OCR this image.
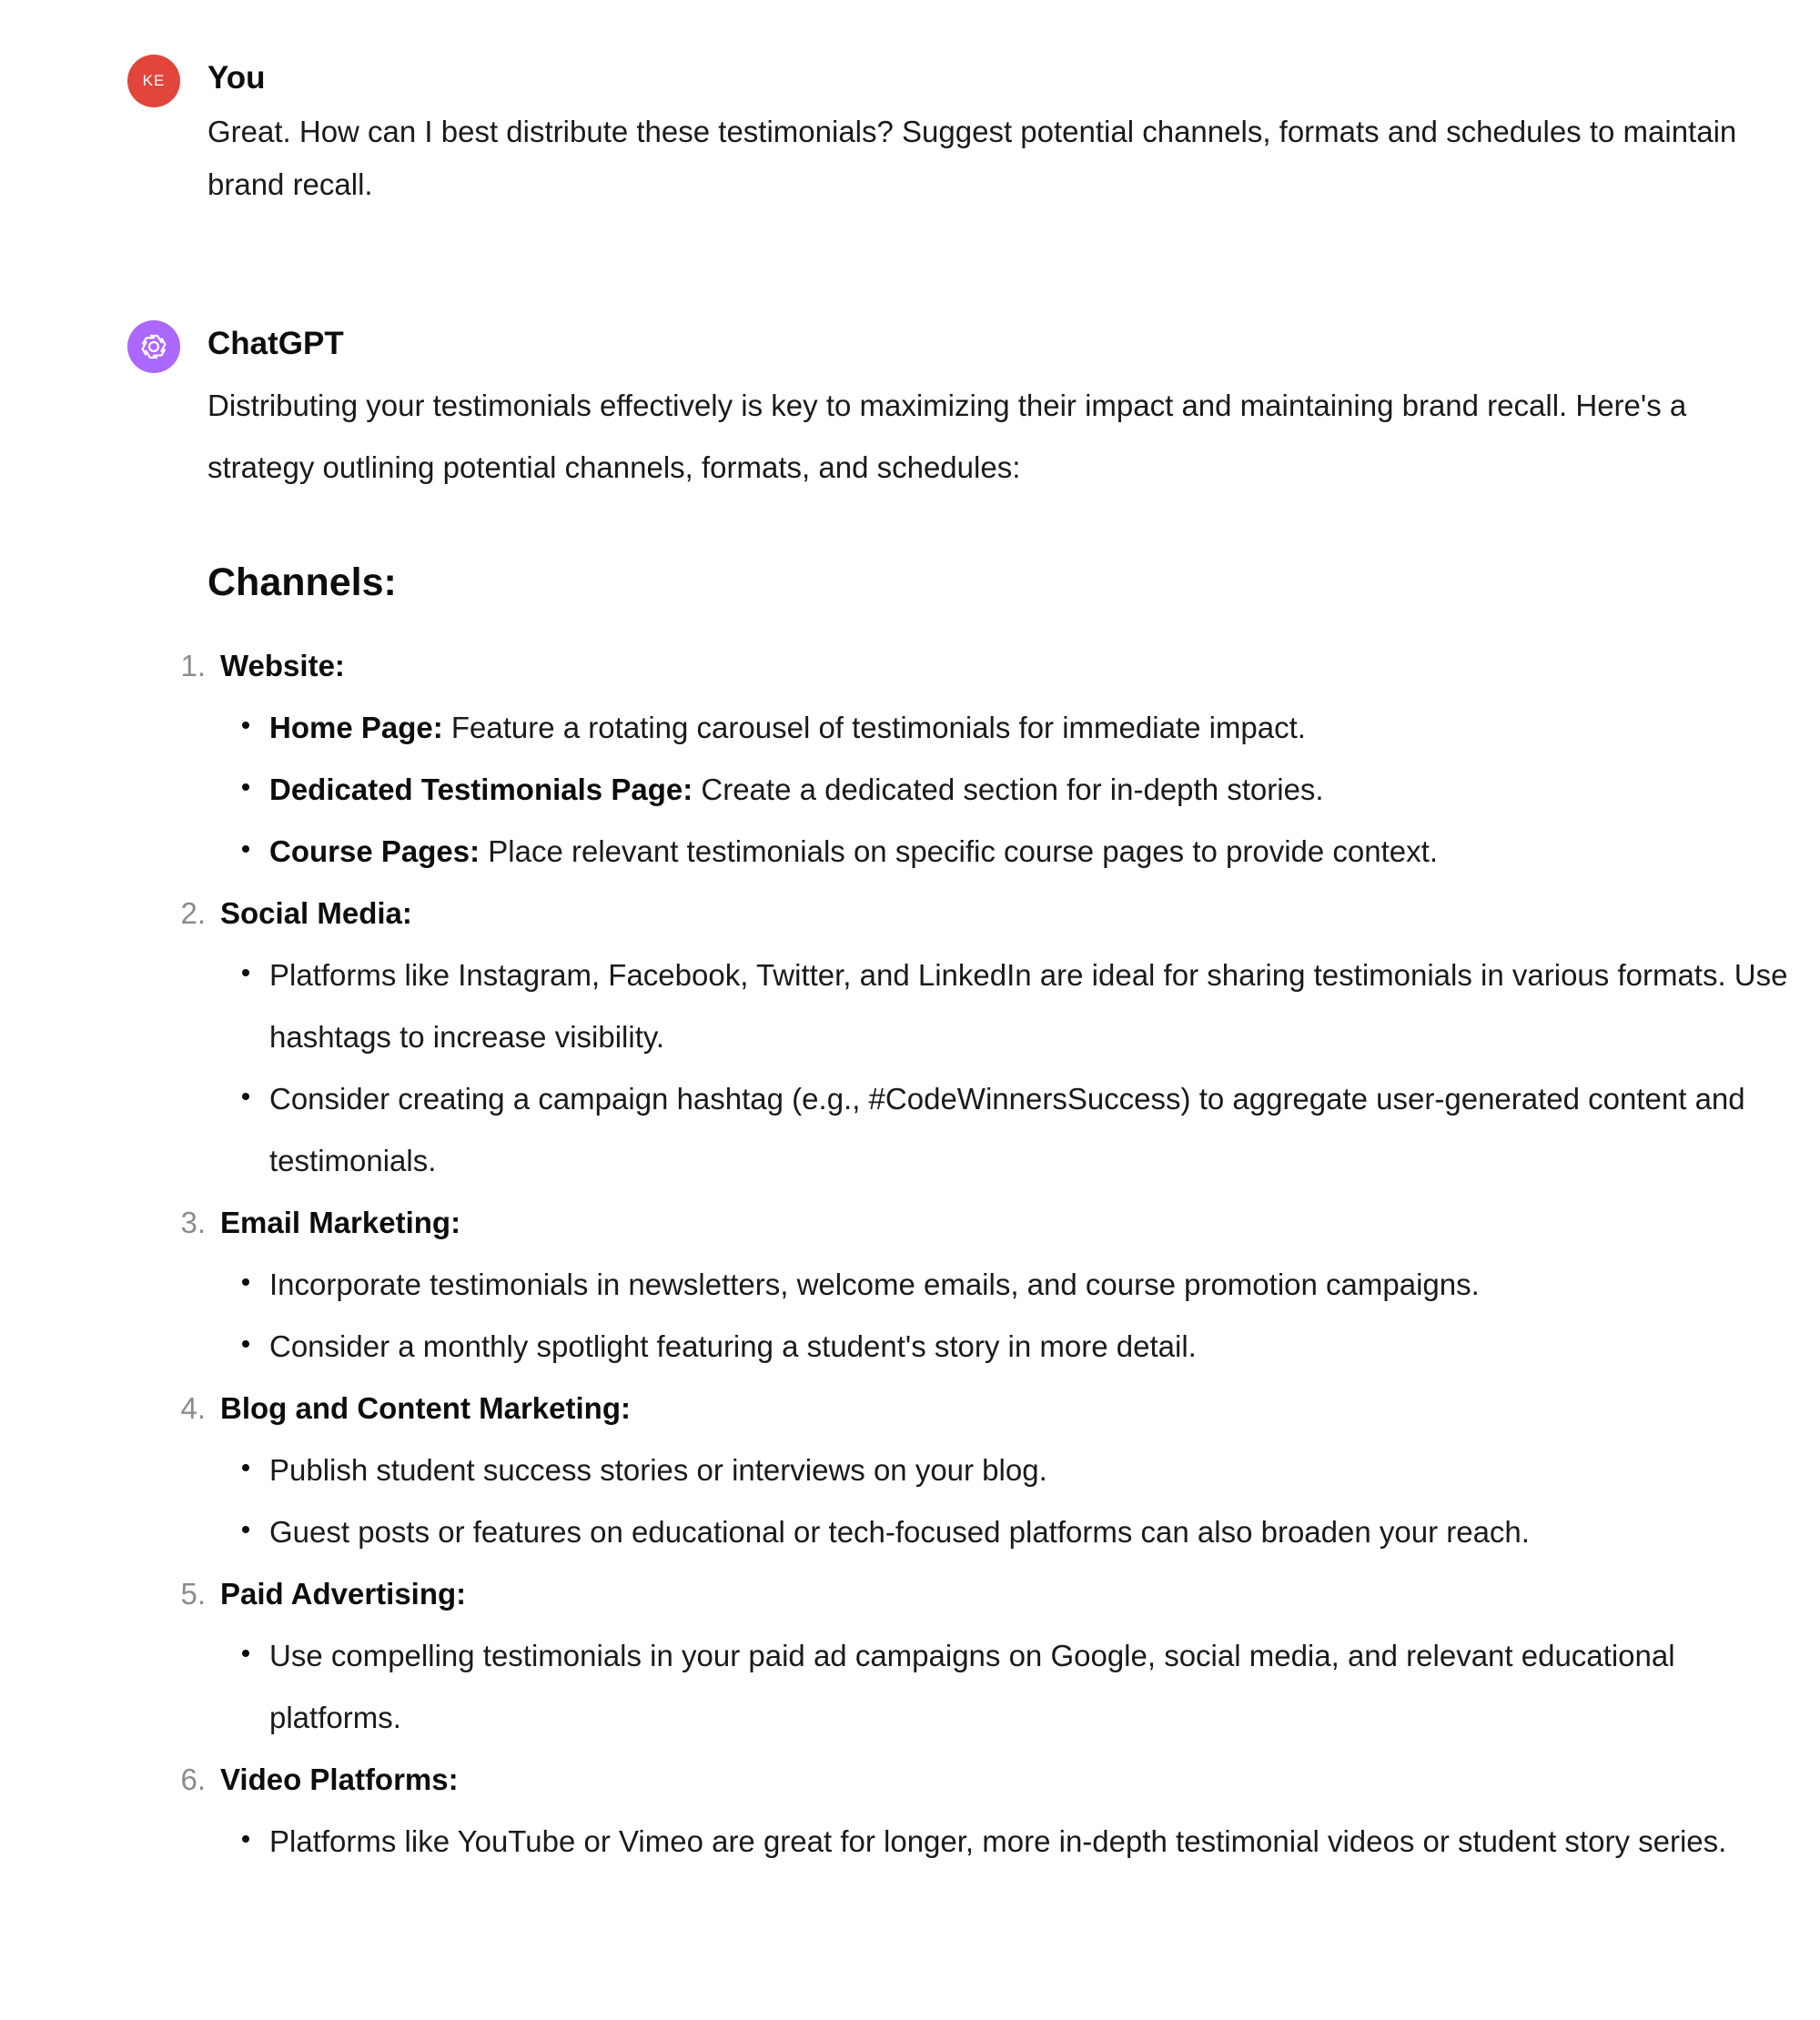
KE You
Great. How can I best distribute these testimonials? Suggest potential channels, formats and schedules to maintain brand recall.
ChatGPT
Distributing your testimonials effectively is key to maximizing their impact and maintaining brand recall. Here's a strategy outlining potential channels, formats, and schedules:
Channels:
1. Website:
Home Page: Feature a rotating carousel of testimonials for immediate impact.
Dedicated Testimonials Page: Create a dedicated section for in-depth stories.
Course Pages: Place relevant testimonials on specific course pages to provide context.
2. Social Media:
Platforms like Instagram, Facebook, Twitter, and LinkedIn are ideal for sharing testimonials in various formats. Use hashtags to increase visibility.
Consider creating a campaign hashtag (e.g., #CodeWinnersSuccess) to aggregate user-generated content and testimonials.
3. Email Marketing:
Incorporate testimonials in newsletters, welcome emails, and course promotion campaigns.
Consider a monthly spotlight featuring a student's story in more detail.
4. Blog and Content Marketing:
Publish student success stories or interviews on your blog.
Guest posts or features on educational or tech-focused platforms can also broaden your reach.
5. Paid Advertising:
Use compelling testimonials in your paid ad campaigns on Google, social media, and relevant educational platforms.
6. Video Platforms:
Platforms like YouTube or Vimeo are great for longer, more in-depth testimonial videos or student story series.
